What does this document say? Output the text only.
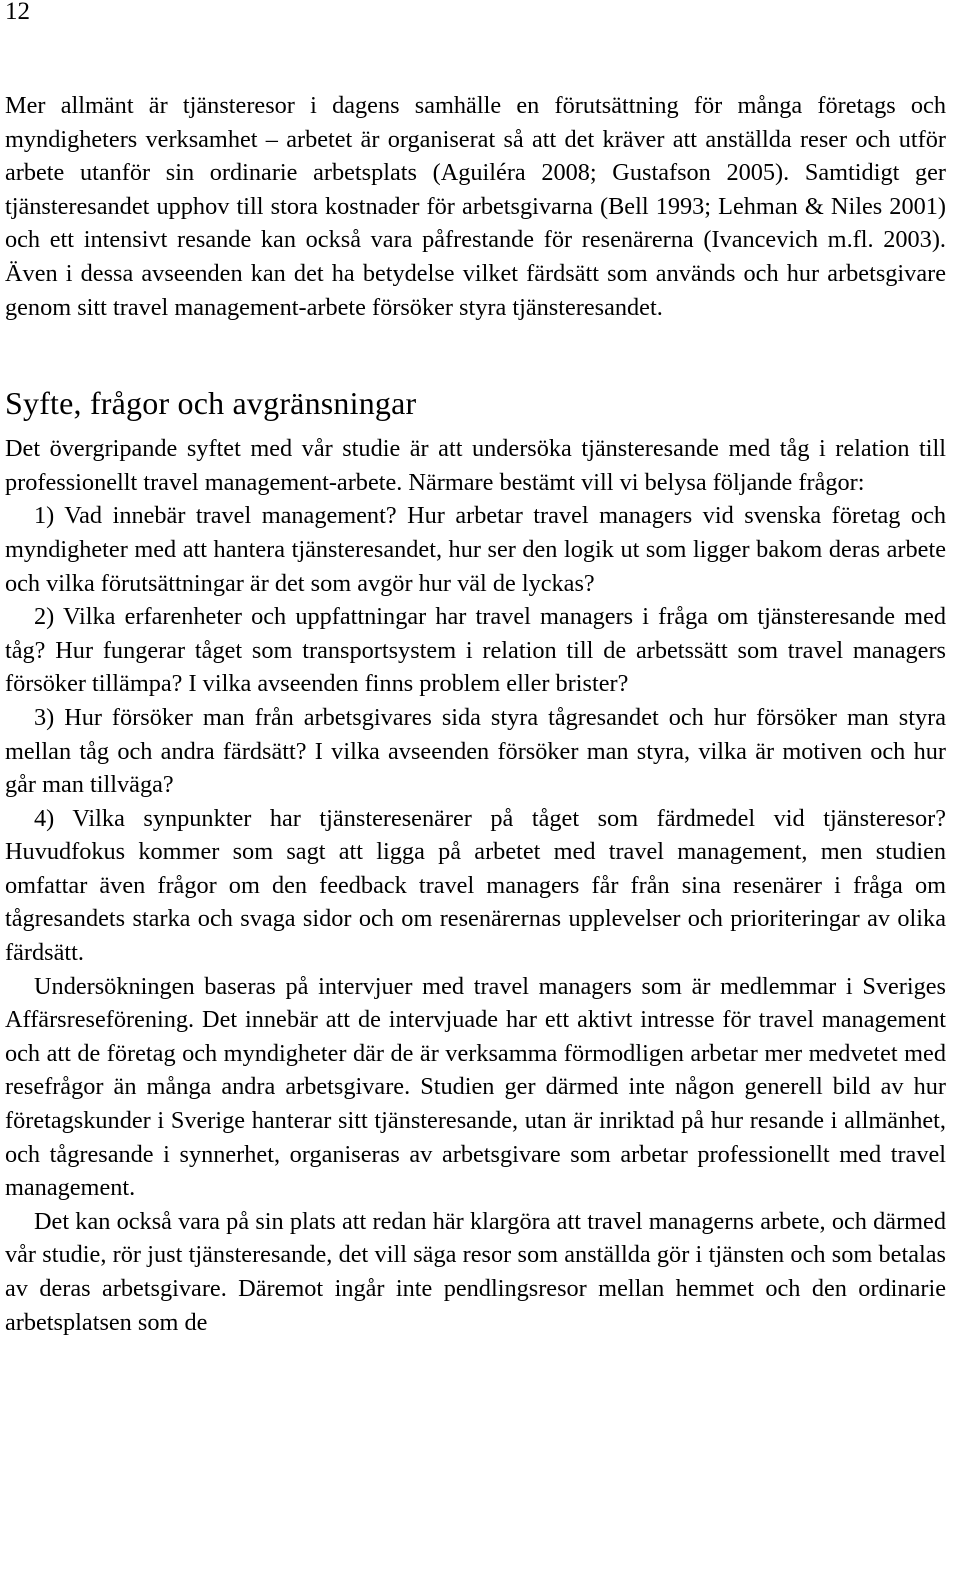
12

Mer allmänt är tjänsteresor i dagens samhälle en förutsättning för många företags och myndigheters verksamhet – arbetet är organiserat så att det kräver att anställda reser och utför arbete utanför sin ordinarie arbetsplats (Aguiléra 2008; Gustafson 2005). Samtidigt ger tjänsteresandet upphov till stora kostnader för arbetsgivarna (Bell 1993; Lehman & Niles 2001) och ett intensivt resande kan också vara påfrestande för resenärerna (Ivancevich m.fl. 2003). Även i dessa avseenden kan det ha betydelse vilket färdsätt som används och hur arbetsgivare genom sitt travel management-arbete försöker styra tjänsteresandet.

Syfte, frågor och avgränsningar

Det övergripande syftet med vår studie är att undersöka tjänsteresande med tåg i relation till professionellt travel management-arbete. Närmare bestämt vill vi belysa följande frågor:

1) Vad innebär travel management? Hur arbetar travel managers vid svenska företag och myndigheter med att hantera tjänsteresandet, hur ser den logik ut som ligger bakom deras arbete och vilka förutsättningar är det som avgör hur väl de lyckas?

2) Vilka erfarenheter och uppfattningar har travel managers i fråga om tjänsteresande med tåg? Hur fungerar tåget som transportsystem i relation till de arbetssätt som travel managers försöker tillämpa? I vilka avseenden finns problem eller brister?

3) Hur försöker man från arbetsgivares sida styra tågresandet och hur försöker man styra mellan tåg och andra färdsätt? I vilka avseenden försöker man styra, vilka är motiven och hur går man tillväga?

4) Vilka synpunkter har tjänsteresenärer på tåget som färdmedel vid tjänsteresor? Huvudfokus kommer som sagt att ligga på arbetet med travel management, men studien omfattar även frågor om den feedback travel managers får från sina resenärer i fråga om tågresandets starka och svaga sidor och om resenärernas upplevelser och prioriteringar av olika färdsätt.

Undersökningen baseras på intervjuer med travel managers som är medlemmar i Sveriges Affärsreseförening. Det innebär att de intervjuade har ett aktivt intresse för travel management och att de företag och myndigheter där de är verksamma förmodligen arbetar mer medvetet med resefrågor än många andra arbetsgivare. Studien ger därmed inte någon generell bild av hur företagskunder i Sverige hanterar sitt tjänsteresande, utan är inriktad på hur resande i allmänhet, och tågresande i synnerhet, organiseras av arbetsgivare som arbetar professionellt med travel management.

Det kan också vara på sin plats att redan här klargöra att travel managerns arbete, och därmed vår studie, rör just tjänsteresande, det vill säga resor som anställda gör i tjänsten och som betalas av deras arbetsgivare. Däremot ingår inte pendlingsresor mellan hemmet och den ordinarie arbetsplatsen som de
